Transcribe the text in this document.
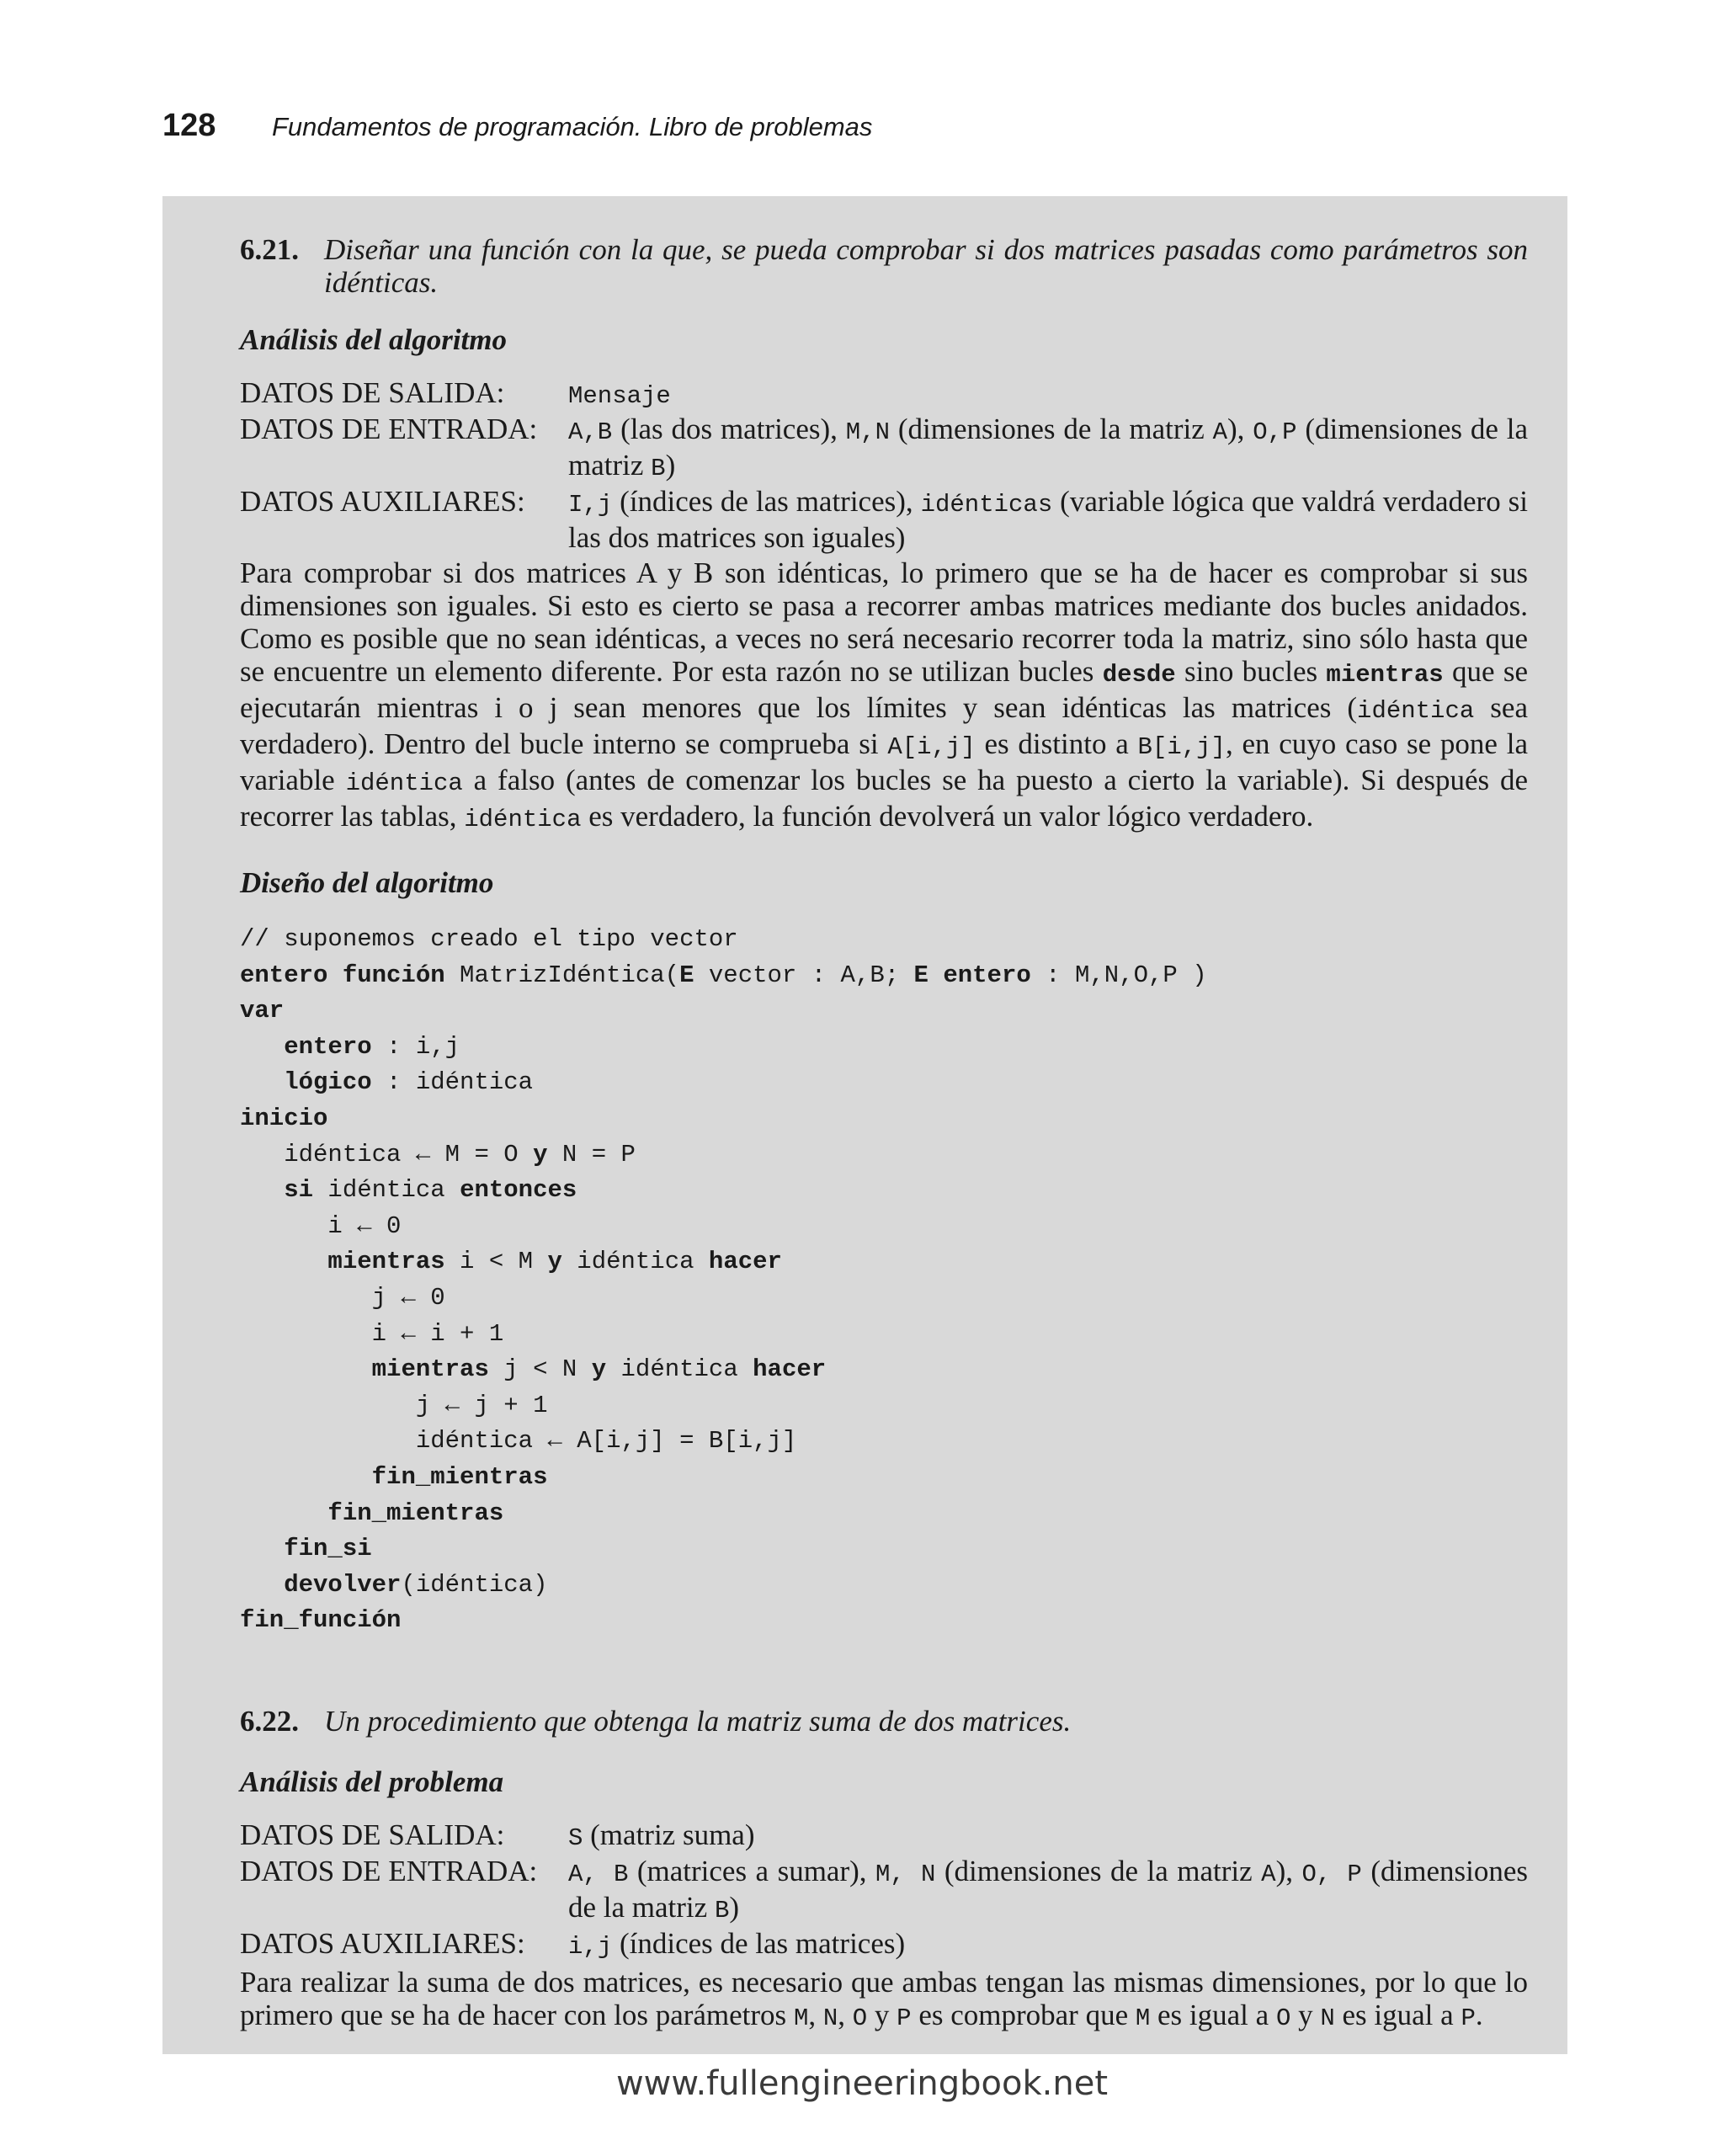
128	Fundamentos de programación. Libro de problemas
6.21. Diseñar una función con la que, se pueda comprobar si dos matrices pasadas como parámetros son idénticas.
Análisis del algoritmo
DATOS DE SALIDA:	Mensaje
DATOS DE ENTRADA:	A,B (las dos matrices), M,N (dimensiones de la matriz A), O,P (dimensiones de la matriz B)
DATOS AUXILIARES:	I,j (índices de las matrices), idénticas (variable lógica que valdrá verdadero si las dos matrices son iguales)

Para comprobar si dos matrices A y B son idénticas, lo primero que se ha de hacer es comprobar si sus dimensiones son iguales. Si esto es cierto se pasa a recorrer ambas matrices mediante dos bucles anidados. Como es posible que no sean idénticas, a veces no será necesario recorrer toda la matriz, sino sólo hasta que se encuentre un elemento diferente. Por esta razón no se utilizan bucles desde sino bucles mientras que se ejecutarán mientras i o j sean menores que los límites y sean idénticas las matrices (idéntica sea verdadero). Dentro del bucle interno se comprueba si A[i,j] es distinto a B[i,j], en cuyo caso se pone la variable idéntica a falso (antes de comenzar los bucles se ha puesto a cierto la variable). Si después de recorrer las tablas, idéntica es verdadero, la función devolverá un valor lógico verdadero.

Diseño del algoritmo
// suponemos creado el tipo vector
entero función MatrizIdéntica(E vector : A,B; E entero : M,N,O,P )
var
entero : i,j
lógico : idéntica
inicio
idéntica ← M = O y N = P
si idéntica entonces
i ← 0
mientras i < M y idéntica hacer
j ← 0
i ← i + 1
mientras j < N y idéntica hacer
j ← j + 1
idéntica ← A[i,j] = B[i,j]
fin_mientras
fin_mientras
fin_si
devolver(idéntica)
fin_función
6.22. Un procedimiento que obtenga la matriz suma de dos matrices.
Análisis del problema
DATOS DE SALIDA:	S (matriz suma)
DATOS DE ENTRADA:	A, B (matrices a sumar), M, N (dimensiones de la matriz A), O, P (dimensiones de la matriz B)
DATOS AUXILIARES:	i,j (índices de las matrices)

Para realizar la suma de dos matrices, es necesario que ambas tengan las mismas dimensiones, por lo que lo primero que se ha de hacer con los parámetros M, N, O y P es comprobar que M es igual a O y N es igual a P.

www.fullengineeringbook.net
